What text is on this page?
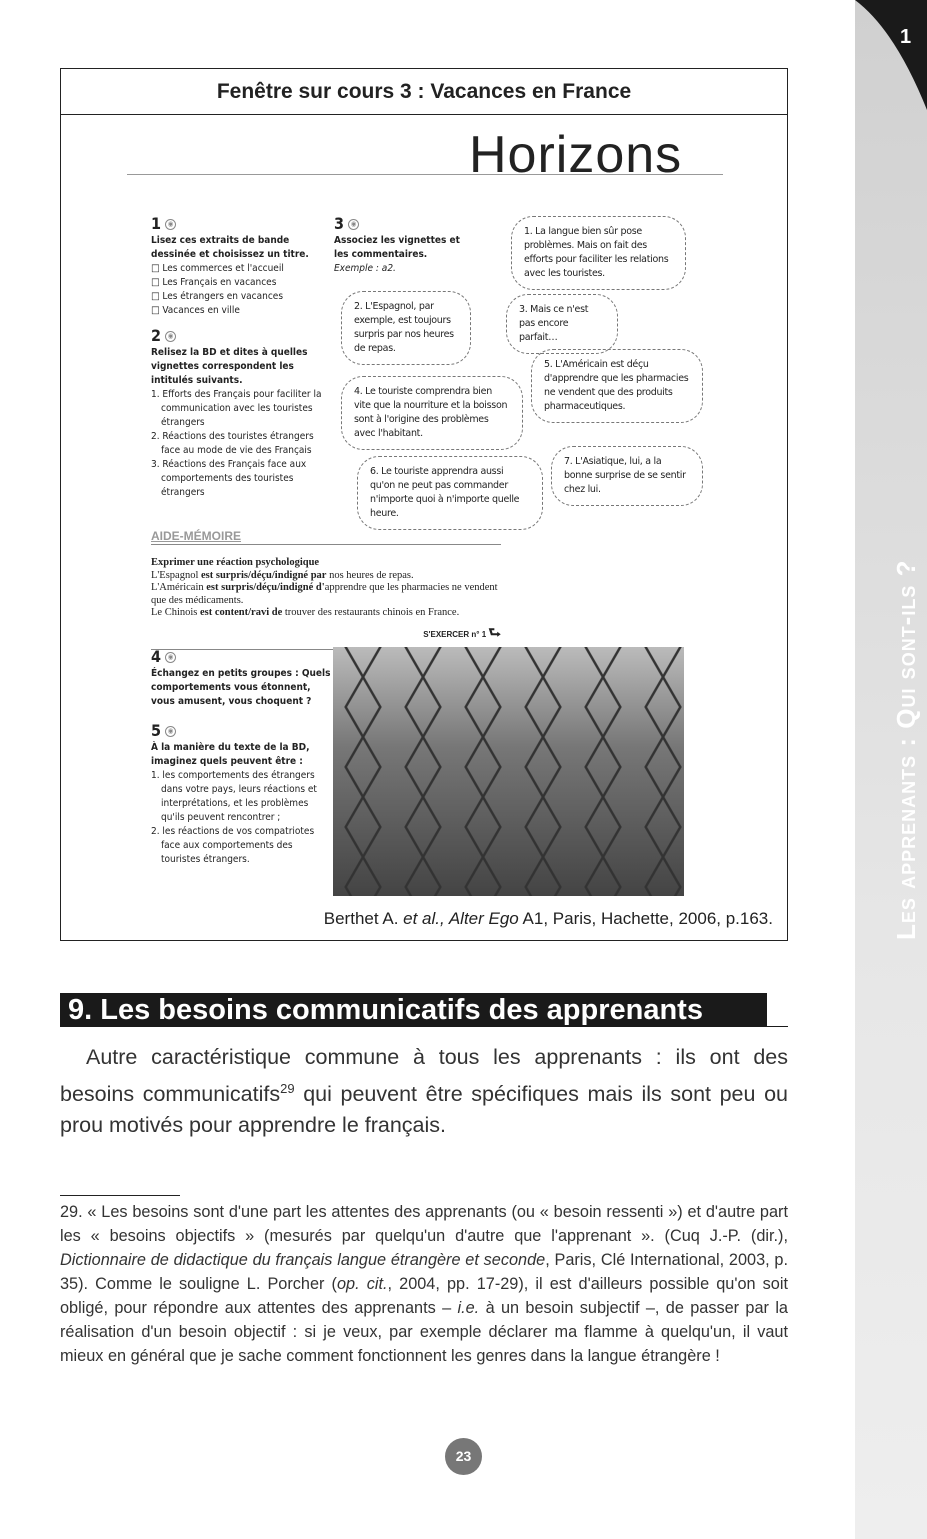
1
Les apprenants : Qui sont-ils ?
Fenêtre sur cours 3 : Vacances en France
Horizons
1 ◉
Lisez ces extraits de bande dessinée et choisissez un titre.
□ Les commerces et l'accueil
□ Les Français en vacances
□ Les étrangers en vacances
□ Vacances en ville
2 ◉
Relisez la BD et dites à quelles vignettes correspondent les intitulés suivants.
1. Efforts des Français pour faciliter la communication avec les touristes étrangers
2. Réactions des touristes étrangers face au mode de vie des Français
3. Réactions des Français face aux comportements des touristes étrangers
3 ◉
Associez les vignettes et les commentaires.
Exemple : a2.
1. La langue bien sûr pose problèmes. Mais on fait des efforts pour faciliter les relations avec les touristes.
2. L'Espagnol, par exemple, est toujours surpris par nos heures de repas.
3. Mais ce n'est pas encore parfait…
4. Le touriste comprendra bien vite que la nourriture et la boisson sont à l'origine des problèmes avec l'habitant.
5. L'Américain est déçu d'apprendre que les pharmacies ne vendent que des produits pharmaceutiques.
6. Le touriste apprendra aussi qu'on ne peut pas commander n'importe quoi à n'importe quelle heure.
7. L'Asiatique, lui, a la bonne surprise de se sentir chez lui.
AIDE-MÉMOIRE
Exprimer une réaction psychologique
L'Espagnol est surpris/déçu/indigné par nos heures de repas.
L'Américain est surpris/déçu/indigné d'apprendre que les pharmacies ne vendent que des médicaments.
Le Chinois est content/ravi de trouver des restaurants chinois en France.
S'EXERCER n° 1 ⮑
4 ◉
Échangez en petits groupes : Quels comportements vous étonnent, vous amusent, vous choquent ?
5 ◉
À la manière du texte de la BD, imaginez quels peuvent être :
1. les comportements des étrangers dans votre pays, leurs réactions et interprétations, et les problèmes qu'ils peuvent rencontrer ;
2. les réactions de vos compatriotes face aux comportements des touristes étrangers.
Berthet A. et al., Alter Ego A1, Paris, Hachette, 2006, p.163.
9. Les besoins communicatifs des apprenants

Autre caractéristique commune à tous les apprenants : ils ont des besoins communicatifs$^{29}$ qui peuvent être spécifiques mais ils sont peu ou prou motivés pour apprendre le français.

29. « Les besoins sont d'une part les attentes des apprenants (ou « besoin ressenti ») et d'autre part les « besoins objectifs » (mesurés par quelqu'un d'autre que l'apprenant ». (Cuq J.-P. (dir.), Dictionnaire de didactique du français langue étrangère et seconde, Paris, Clé International, 2003, p. 35). Comme le souligne L. Porcher (op. cit., 2004, pp. 17-29), il est d'ailleurs possible qu'on soit obligé, pour répondre aux attentes des apprenants – i.e. à un besoin subjectif –, de passer par la réalisation d'un besoin objectif : si je veux, par exemple déclarer ma flamme à quelqu'un, il vaut mieux en général que je sache comment fonctionnent les genres dans la langue étrangère !

23
